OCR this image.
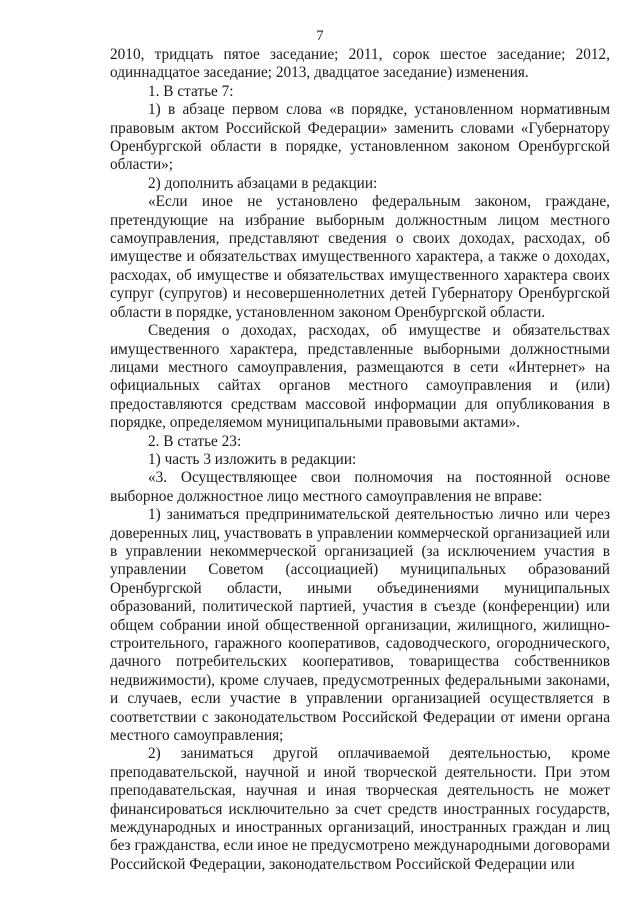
7

2010, тридцать пятое заседание; 2011, сорок шестое заседание; 2012, одиннадцатое заседание; 2013, двадцатое заседание) изменения.

1. В статье 7:

1) в абзаце первом слова «в порядке, установленном нормативным правовым актом Российской Федерации» заменить словами «Губернатору Оренбургской области в порядке, установленном законом Оренбургской области»;

2) дополнить абзацами в редакции:

«Если иное не установлено федеральным законом, граждане, претендующие на избрание выборным должностным лицом местного самоуправления, представляют сведения о своих доходах, расходах, об имуществе и обязательствах имущественного характера, а также о доходах, расходах, об имуществе и обязательствах имущественного характера своих супруг (супругов) и несовершеннолетних детей Губернатору Оренбургской области в порядке, установленном законом Оренбургской области.

Сведения о доходах, расходах, об имуществе и обязательствах имущественного характера, представленные выборными должностными лицами местного самоуправления, размещаются в сети «Интернет» на официальных сайтах органов местного самоуправления и (или) предоставляются средствам массовой информации для опубликования в порядке, определяемом муниципальными правовыми актами».

2. В статье 23:

1) часть 3 изложить в редакции:

«3. Осуществляющее свои полномочия на постоянной основе выборное должностное лицо местного самоуправления не вправе:

1) заниматься предпринимательской деятельностью лично или через доверенных лиц, участвовать в управлении коммерческой организацией или в управлении некоммерческой организацией (за исключением участия в управлении Советом (ассоциацией) муниципальных образований Оренбургской области, иными объединениями муниципальных образований, политической партией, участия в съезде (конференции) или общем собрании иной общественной организации, жилищного, жилищно-строительного, гаражного кооперативов, садоводческого, огороднического, дачного потребительских кооперативов, товарищества собственников недвижимости), кроме случаев, предусмотренных федеральными законами, и случаев, если участие в управлении организацией осуществляется в соответствии с законодательством Российской Федерации от имени органа местного самоуправления;

2) заниматься другой оплачиваемой деятельностью, кроме преподавательской, научной и иной творческой деятельности. При этом преподавательская, научная и иная творческая деятельность не может финансироваться исключительно за счет средств иностранных государств, международных и иностранных организаций, иностранных граждан и лиц без гражданства, если иное не предусмотрено международными договорами Российской Федерации, законодательством Российской Федерации или
